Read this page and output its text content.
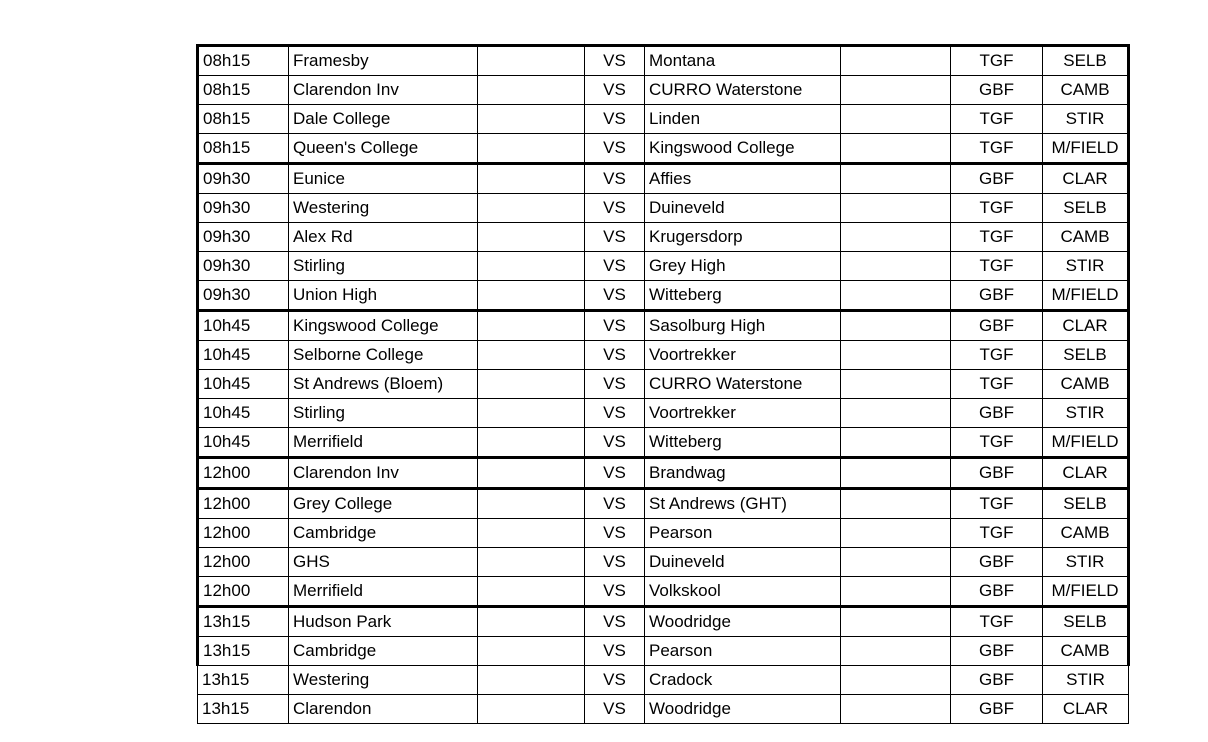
08h15	Framesby		VS	Montana		TGF	SELB
08h15	Clarendon Inv		VS	CURRO Waterstone		GBF	CAMB
08h15	Dale College		VS	Linden		TGF	STIR
08h15	Queen's College		VS	Kingswood College		TGF	M/FIELD
09h30	Eunice		VS	Affies		GBF	CLAR
09h30	Westering		VS	Duineveld		TGF	SELB
09h30	Alex Rd		VS	Krugersdorp		TGF	CAMB
09h30	Stirling		VS	Grey High		TGF	STIR
09h30	Union High		VS	Witteberg		GBF	M/FIELD
10h45	Kingswood College		VS	Sasolburg High		GBF	CLAR
10h45	Selborne College		VS	Voortrekker		TGF	SELB
10h45	St Andrews (Bloem)		VS	CURRO Waterstone		TGF	CAMB
10h45	Stirling		VS	Voortrekker		GBF	STIR
10h45	Merrifield		VS	Witteberg		TGF	M/FIELD
12h00	Clarendon Inv		VS	Brandwag		GBF	CLAR
12h00	Grey College		VS	St Andrews (GHT)		TGF	SELB
12h00	Cambridge		VS	Pearson		TGF	CAMB
12h00	GHS		VS	Duineveld		GBF	STIR
12h00	Merrifield		VS	Volkskool		GBF	M/FIELD
13h15	Hudson Park		VS	Woodridge		TGF	SELB
13h15	Cambridge		VS	Pearson		GBF	CAMB
13h15	Westering		VS	Cradock		GBF	STIR
13h15	Clarendon		VS	Woodridge		GBF	CLAR
